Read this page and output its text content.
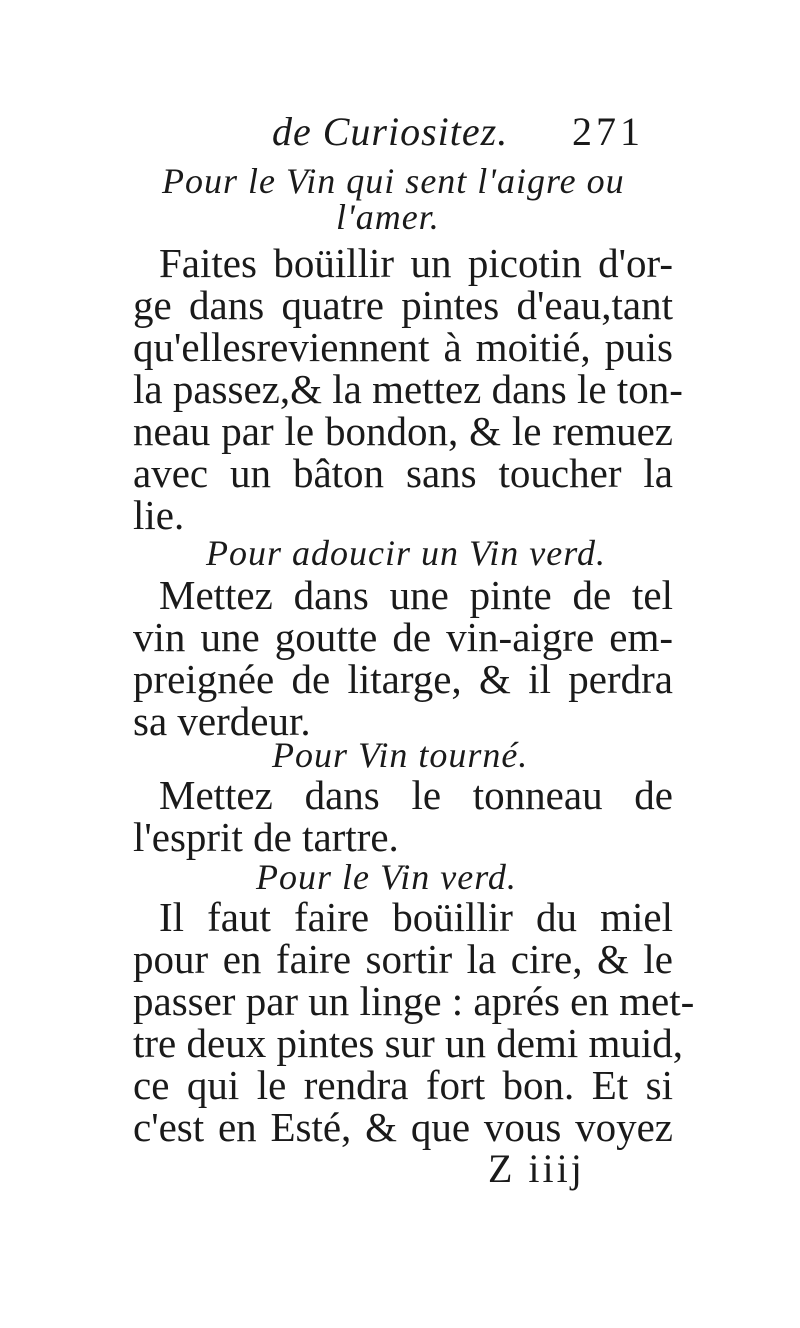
de Curiositez. 271
Pour le Vin qui sent l'aigre ou
l'amer.
Faites boüillir un picotin d'or-
ge dans quatre pintes d'eau,tant
qu'ellesreviennent à moitié, puis
la passez,& la mettez dans le ton-
neau par le bondon, & le remuez
avec un bâton sans toucher la
lie.
Pour adoucir un Vin verd.
Mettez dans une pinte de tel
vin une goutte de vin-aigre em-
preignée de litarge, & il perdra
sa verdeur.
Pour Vin tourné.
Mettez dans le tonneau de
l'esprit de tartre.
Pour le Vin verd.
Il faut faire boüillir du miel
pour en faire sortir la cire, & le
passer par un linge : aprés en met-
tre deux pintes sur un demi muid,
ce qui le rendra fort bon. Et si
c'est en Esté, & que vous voyez
Z iiij
